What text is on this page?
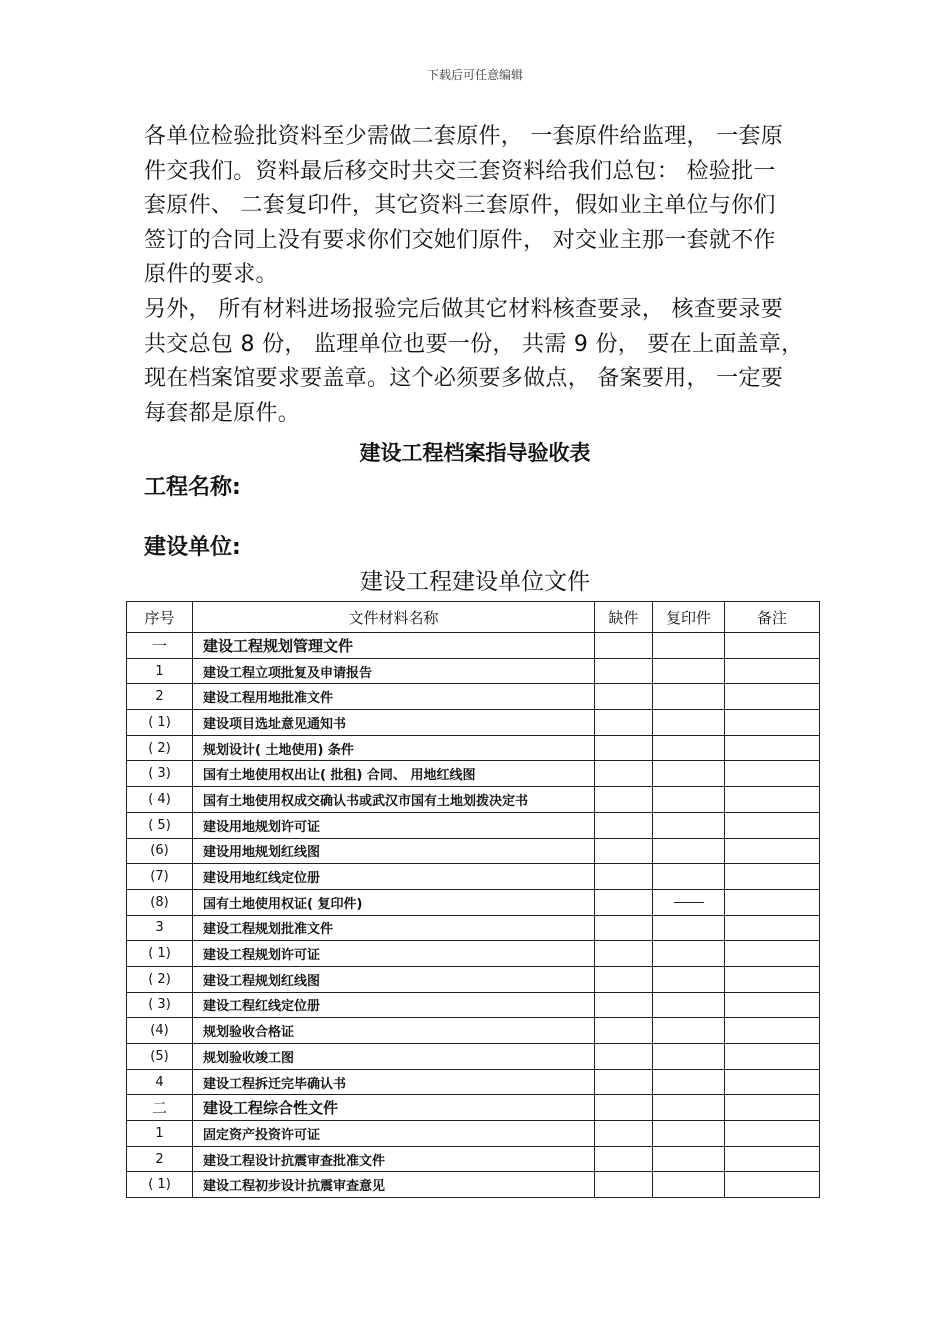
下载后可任意编辑
各单位检验批资料至少需做二套原件， 一套原件给监理， 一套原
件交我们。资料最后移交时共交三套资料给我们总包： 检验批一
套原件、 二套复印件，其它资料三套原件，假如业主单位与你们
签订的合同上没有要求你们交她们原件， 对交业主那一套就不作
原件的要求。
另外， 所有材料进场报验完后做其它材料核查要录， 核查要录要
共交总包 8 份， 监理单位也要一份， 共需 9 份， 要在上面盖章，
现在档案馆要求要盖章。这个必须要多做点， 备案要用， 一定要
每套都是原件。
建设工程档案指导验收表
工程名称:
建设单位:
建设工程建设单位文件
序号	文件材料名称	缺件	复印件	备注
一	建设工程规划管理文件			
1	建设工程立项批复及申请报告			
2	建设工程用地批准文件			
( 1)	建设项目选址意见通知书			
( 2)	规划设计( 土地使用) 条件			
( 3)	国有土地使用权出让( 批租) 合同、 用地红线图			
( 4)	国有土地使用权成交确认书或武汉市国有土地划拨决定书			
( 5)	建设用地规划许可证			
(6)	建设用地规划红线图			
(7)	建设用地红线定位册			
(8)	国有土地使用权证( 复印件)			
3	建设工程规划批准文件			
( 1)	建设工程规划许可证			
( 2)	建设工程规划红线图			
( 3)	建设工程红线定位册			
(4)	规划验收合格证			
(5)	规划验收竣工图			
4	建设工程拆迁完毕确认书			
二	建设工程综合性文件			
1	固定资产投资许可证			
2	建设工程设计抗震审查批准文件			
( 1)	建设工程初步设计抗震审查意见			
